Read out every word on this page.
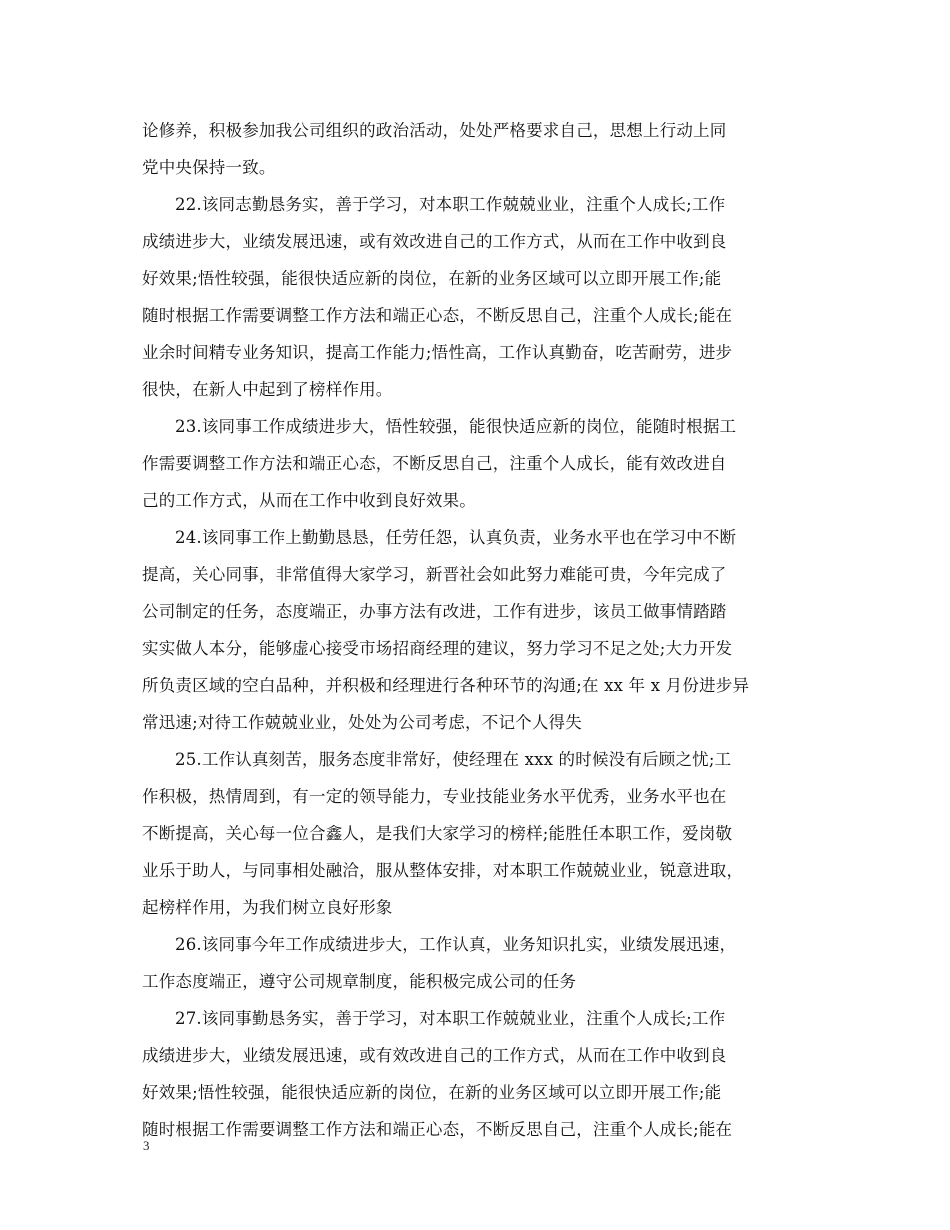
论修养，积极参加我公司组织的政治活动，处处严格要求自己，思想上行动上同
党中央保持一致。
22.该同志勤恳务实，善于学习，对本职工作兢兢业业，注重个人成长;工作
成绩进步大，业绩发展迅速，或有效改进自己的工作方式，从而在工作中收到良
好效果;悟性较强，能很快适应新的岗位，在新的业务区域可以立即开展工作;能
随时根据工作需要调整工作方法和端正心态，不断反思自己，注重个人成长;能在
业余时间精专业务知识，提高工作能力;悟性高，工作认真勤奋，吃苦耐劳，进步
很快，在新人中起到了榜样作用。
23.该同事工作成绩进步大，悟性较强，能很快适应新的岗位，能随时根据工
作需要调整工作方法和端正心态，不断反思自己，注重个人成长，能有效改进自
己的工作方式，从而在工作中收到良好效果。
24.该同事工作上勤勤恳恳，任劳任怨，认真负责，业务水平也在学习中不断
提高，关心同事，非常值得大家学习，新晋社会如此努力难能可贵，今年完成了
公司制定的任务，态度端正，办事方法有改进，工作有进步，该员工做事情踏踏
实实做人本分，能够虚心接受市场招商经理的建议，努力学习不足之处;大力开发
所负责区域的空白品种，并积极和经理进行各种环节的沟通;在 xx 年 x 月份进步异
常迅速;对待工作兢兢业业，处处为公司考虑，不记个人得失
25.工作认真刻苦，服务态度非常好，使经理在 xxx 的时候没有后顾之忧;工
作积极，热情周到，有一定的领导能力，专业技能业务水平优秀，业务水平也在
不断提高，关心每一位合鑫人，是我们大家学习的榜样;能胜任本职工作，爱岗敬
业乐于助人，与同事相处融洽，服从整体安排，对本职工作兢兢业业，锐意进取，
起榜样作用，为我们树立良好形象
26.该同事今年工作成绩进步大，工作认真，业务知识扎实，业绩发展迅速，
工作态度端正，遵守公司规章制度，能积极完成公司的任务
27.该同事勤恳务实，善于学习，对本职工作兢兢业业，注重个人成长;工作
成绩进步大，业绩发展迅速，或有效改进自己的工作方式，从而在工作中收到良
好效果;悟性较强，能很快适应新的岗位，在新的业务区域可以立即开展工作;能
随时根据工作需要调整工作方法和端正心态，不断反思自己，注重个人成长;能在
3
